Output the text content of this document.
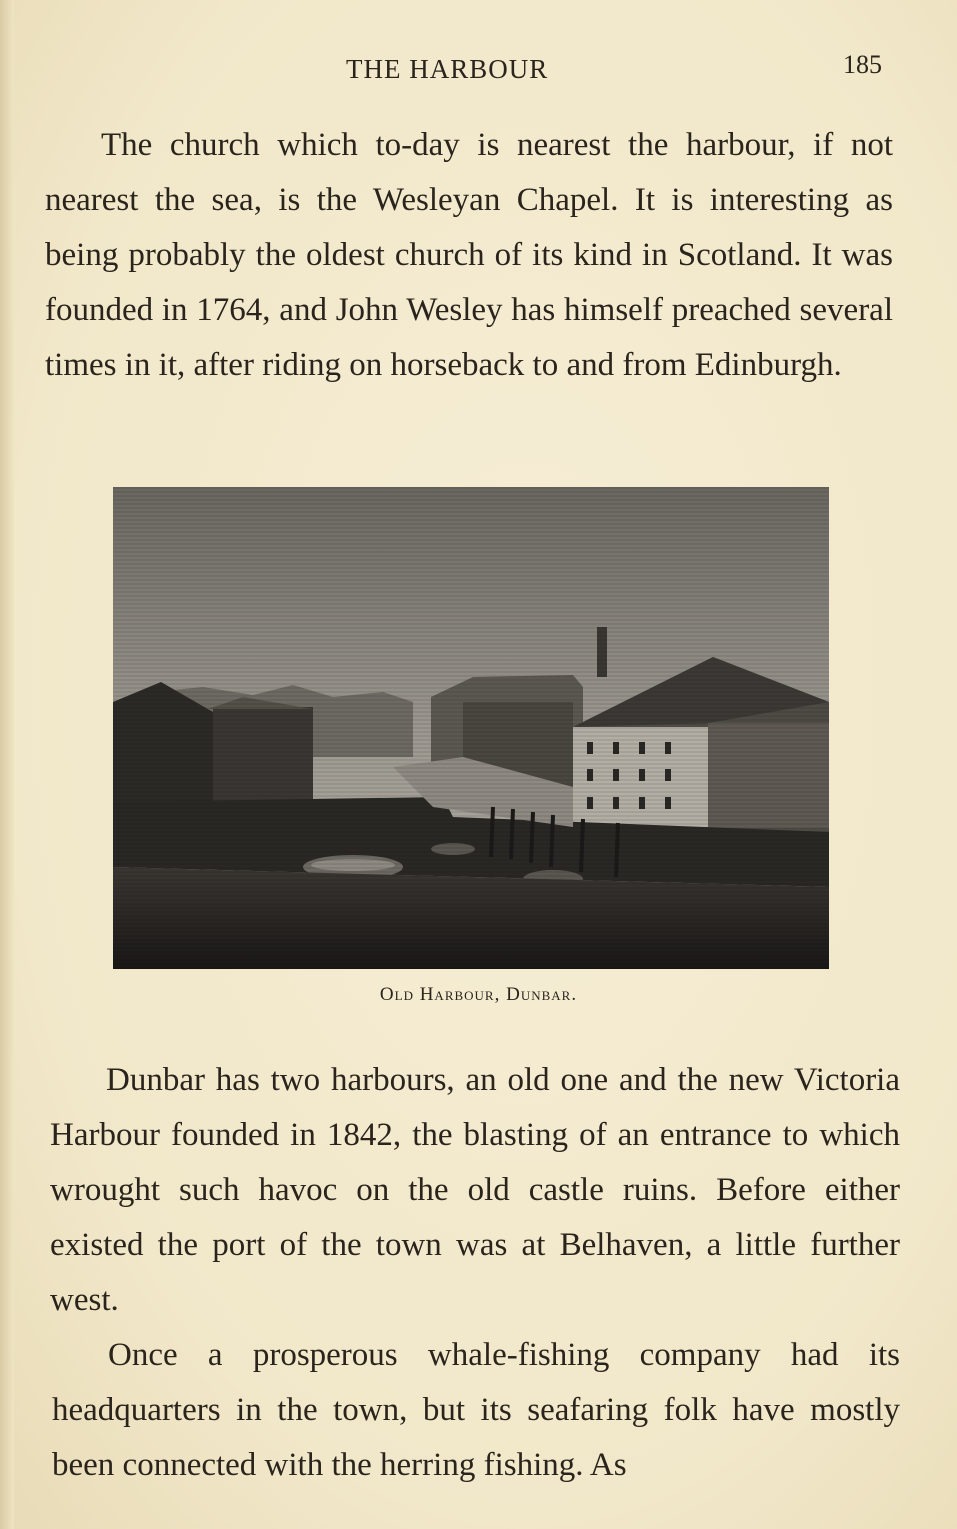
THE HARBOUR	185

The church which to-day is nearest the harbour, if not nearest the sea, is the Wesleyan Chapel. It is interesting as being probably the oldest church of its kind in Scotland. It was founded in 1764, and John Wesley has himself preached several times in it, after riding on horseback to and from Edinburgh.

Old Harbour, Dunbar.

Dunbar has two harbours, an old one and the new Victoria Harbour founded in 1842, the blasting of an entrance to which wrought such havoc on the old castle ruins. Before either existed the port of the town was at Belhaven, a little further west.

Once a prosperous whale-fishing company had its headquarters in the town, but its seafaring folk have mostly been connected with the herring fishing. As
